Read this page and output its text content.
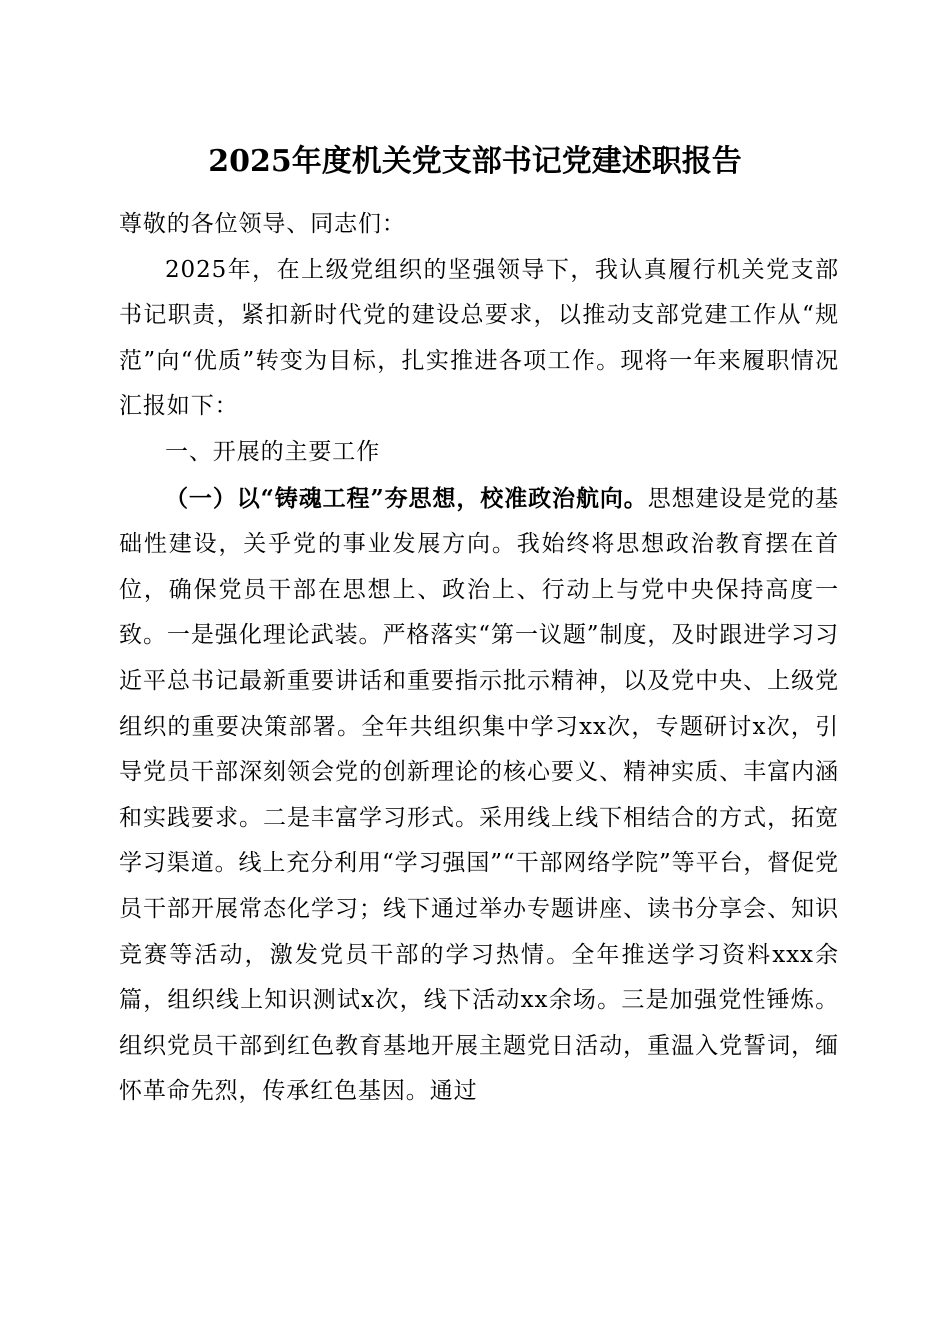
2025年度机关党支部书记党建述职报告

尊敬的各位领导、同志们：

2025年，在上级党组织的坚强领导下，我认真履行机关党支部书记职责，紧扣新时代党的建设总要求，以推动支部党建工作从“规范”向“优质”转变为目标，扎实推进各项工作。现将一年来履职情况汇报如下：

一、开展的主要工作

（一）以“铸魂工程”夯思想，校准政治航向。思想建设是党的基础性建设，关乎党的事业发展方向。我始终将思想政治教育摆在首位，确保党员干部在思想上、政治上、行动上与党中央保持高度一致。一是强化理论武装。严格落实“第一议题”制度，及时跟进学习习近平总书记最新重要讲话和重要指示批示精神，以及党中央、上级党组织的重要决策部署。全年共组织集中学习xx次，专题研讨x次，引导党员干部深刻领会党的创新理论的核心要义、精神实质、丰富内涵和实践要求。二是丰富学习形式。采用线上线下相结合的方式，拓宽学习渠道。线上充分利用“学习强国”“干部网络学院”等平台，督促党员干部开展常态化学习；线下通过举办专题讲座、读书分享会、知识竞赛等活动，激发党员干部的学习热情。全年推送学习资料xxx余篇，组织线上知识测试x次，线下活动xx余场。三是加强党性锤炼。组织党员干部到红色教育基地开展主题党日活动，重温入党誓词，缅怀革命先烈，传承红色基因。通过
